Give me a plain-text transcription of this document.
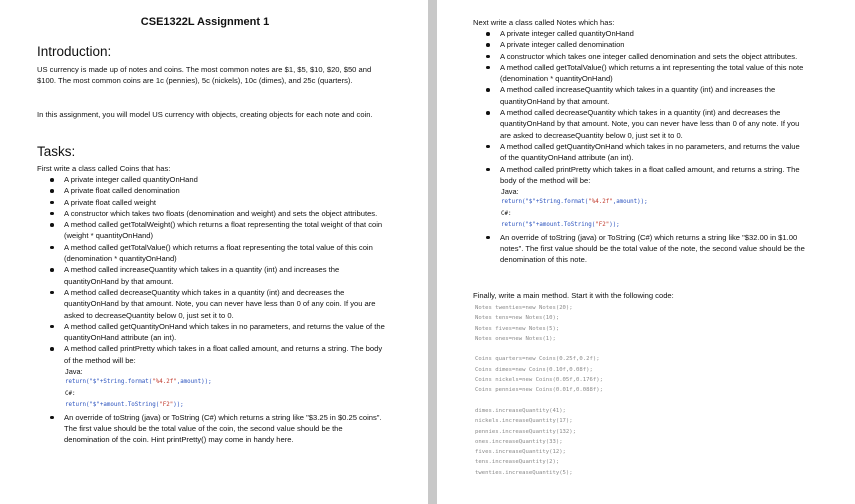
CSE1322L Assignment 1
Introduction:
US currency is made up of notes and coins. The most common notes are $1, $5, $10, $20, $50 and $100. The most common coins are 1c (pennies), 5c (nickels), 10c (dimes), and 25c (quarters).
In this assignment, you will model US currency with objects, creating objects for each note and coin.
Tasks:
First write a class called Coins that has:
A private integer called quantityOnHand
A private float called denomination
A private float called weight
A constructor which takes two floats (denomination and weight) and sets the object attributes.
A method called getTotalWeight() which returns a float representing the total weight of that coin (weight * quantityOnHand)
A method called getTotalValue() which returns a float representing the total value of this coin (denomination * quantityOnHand)
A method called increaseQuantity which takes in a quantity (int) and increases the quantityOnHand by that amount.
A method called decreaseQuantity which takes in a quantity (int) and decreases the quantityOnHand by that amount. Note, you can never have less than 0 of any coin. If you are asked to decreaseQuantity below 0, just set it to 0.
A method called getQuantityOnHand which takes in no parameters, and returns the value of the quantityOnHand attribute (an int).
A method called printPretty which takes in a float called amount, and returns a string. The body of the method will be:
Java:
return("$"+String.format("%4.2f",amount));
C#:
return("$"+amount.ToString("F2"));
An override of toString (java) or ToString (C#) which returns a string like "$3.25 in $0.25 coins". The first value should be the total value of the coin, the second value should be the denomination of the coin. Hint printPretty() may come in handy here.
Next write a class called Notes which has:
A private integer called quantityOnHand
A private integer called denomination
A constructor which takes one integer called denomination and sets the object attributes.
A method called getTotalValue() which returns a int representing the total value of this note (denomination * quantityOnHand)
A method called increaseQuantity which takes in a quantity (int) and increases the quantityOnHand by that amount.
A method called decreaseQuantity which takes in a quantity (int) and decreases the quantityOnHand by that amount. Note, you can never have less than 0 of any note. If you are asked to decreaseQuantity below 0, just set it to 0.
A method called getQuantityOnHand which takes in no parameters, and returns the value of the quantityOnHand attribute (an int).
A method called printPretty which takes in a float called amount, and returns a string. The body of the method will be:
Java:
return("$"+String.format("%4.2f",amount));
C#:
return("$"+amount.ToString("F2"));
An override of toString (java) or ToString (C#) which returns a string like "$32.00 in $1.00 notes". The first value should be the total value of the note, the second value should be the denomination of this note.
Finally, write a main method. Start it with the following code:
Notes twenties=new Notes(20);
Notes tens=new Notes(10);
Notes fives=new Notes(5);
Notes ones=new Notes(1);
Coins quarters=new Coins(0.25f,0.2f);
Coins dimes=new Coins(0.10f,0.08f);
Coins nickels=new Coins(0.05f,0.176f);
Coins pennies=new Coins(0.01f,0.088f);
dimes.increaseQuantity(41);
nickels.increaseQuantity(17);
pennies.increaseQuantity(132);
ones.increaseQuantity(33);
fives.increaseQuantity(12);
tens.increaseQuantity(2);
twenties.increaseQuantity(5);
